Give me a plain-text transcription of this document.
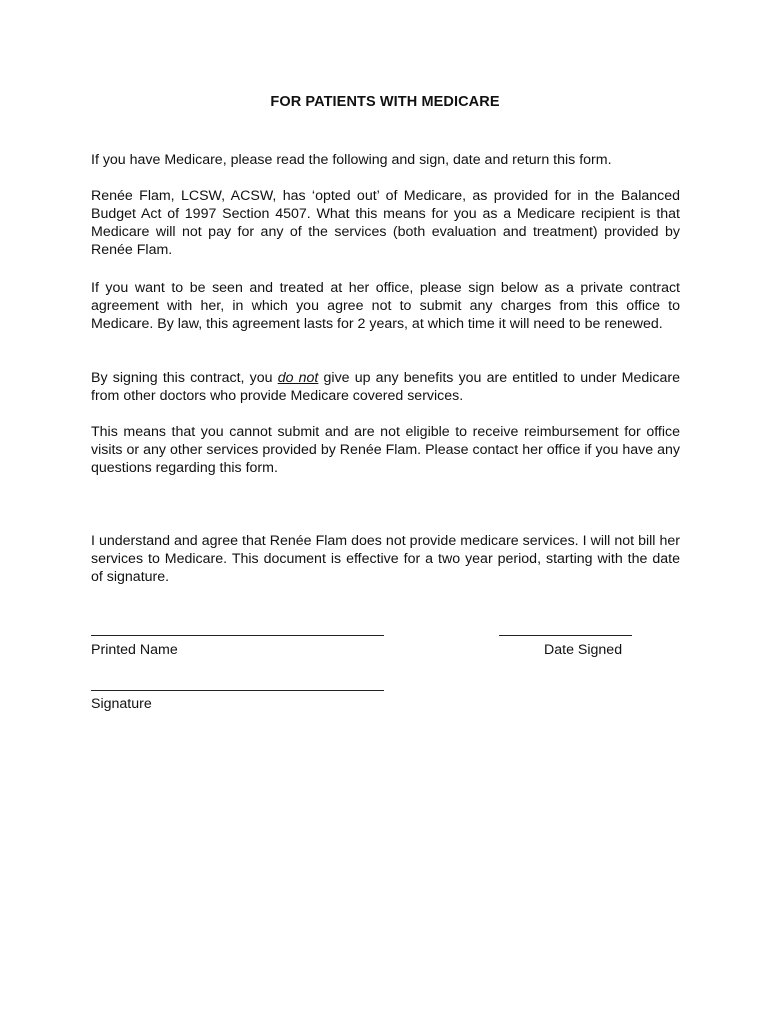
FOR PATIENTS WITH MEDICARE
If you have Medicare, please read the following and sign, date and return this form.
Renée Flam, LCSW, ACSW, has ‘opted out’ of Medicare, as provided for in the Balanced Budget Act of 1997 Section 4507. What this means for you as a Medicare recipient is that Medicare will not pay for any of the services (both evaluation and treatment) provided by Renée Flam.
If you want to be seen and treated at her office, please sign below as a private contract agreement with her, in which you agree not to submit any charges from this office to Medicare. By law, this agreement lasts for 2 years, at which time it will need to be renewed.
By signing this contract, you do not give up any benefits you are entitled to under Medicare from other doctors who provide Medicare covered services.
This means that you cannot submit and are not eligible to receive reimbursement for office visits or any other services provided by Renée Flam. Please contact her office if you have any questions regarding this form.
I understand and agree that Renée Flam does not provide medicare services. I will not bill her services to Medicare. This document is effective for a two year period, starting with the date of signature.
Printed Name	Date Signed
Signature
